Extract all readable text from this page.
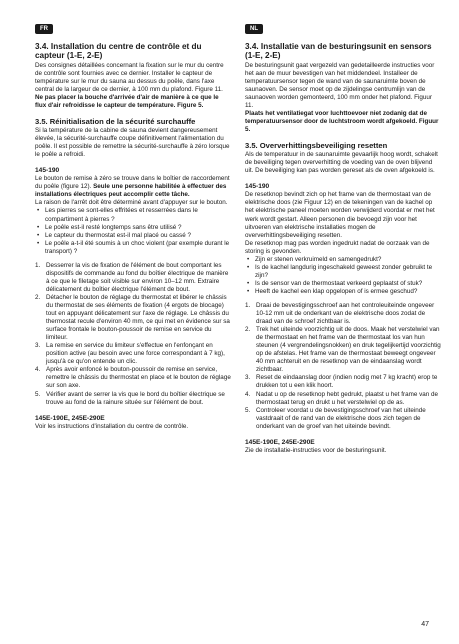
FR	NL
3.4. Installation du centre de contrôle et du capteur (1-E, 2-E)

Des consignes détaillées concernant la fixation sur le mur du centre de contrôle sont fournies avec ce dernier. Installer le capteur de température sur le mur du sauna au dessus du poêle, dans l'axe central de la largeur de ce dernier, à 100 mm du plafond. Figure 11.

Ne pas placer la bouche d'arrivée d'air de manière à ce que le flux d'air refroidisse le capteur de température. Figure 5.

3.5. Réinitialisation de la sécurité surchauffe

Si la température de la cabine de sauna devient dangereusement élevée, la sécurité-surchauffe coupe définitivement l'alimentation du poêle. Il est possible de remettre la sécurité-surchauffe à zéro lorsque le poêle a refroidi.

145-190

Le bouton de remise à zéro se trouve dans le boîtier de raccordement du poêle (figure 12). Seule une personne habilitée à effectuer des installations électriques peut accomplir cette tâche.

La raison de l'arrêt doit être déterminé avant d'appuyer sur le bouton.

• Les pierres se sont-elles effritées et resserrées dans le compartiment à pierres ?
• Le poêle est-il resté longtemps sans être utilisé ?
• Le capteur du thermostat est-il mal placé ou cassé ?
• Le poêle a-t-il été soumis à un choc violent (par exemple durant le transport) ?
1. Desserrer la vis de fixation de l'élément de bout comportant les dispositifs de commande au fond du boîtier électrique de manière à ce que le filetage soit visible sur environ 10–12 mm. Extraire délicatement du boîtier électrique l'élément de bout.
2. Détacher le bouton de réglage du thermostat et libérer le châssis du thermostat de ses éléments de fixation (4 ergots de blocage) tout en appuyant délicatement sur l'axe de réglage. Le châssis du thermostat recule d'environ 40 mm, ce qui met en évidence sur sa surface frontale le bouton-poussoir de remise en service du limiteur.
3. La remise en service du limiteur s'effectue en l'enfonçant en position active (au besoin avec une force correspondant à 7 kg), jusqu'à ce qu'on entende un clic.
4. Après avoir enfoncé le bouton-poussoir de remise en service, remettre le châssis du thermostat en place et le bouton de réglage sur son axe.
5. Vérifier avant de serrer la vis que le bord du boîtier électrique se trouve au fond de la rainure située sur l'élément de bout.
145E-190E, 245E-290E

Voir les instructions d'installation du centre de contrôle.

3.4. Installatie van de besturingsunit en sensors (1-E, 2-E)

De besturingsunit gaat vergezeld van gedetailleerde instructies voor het aan de muur bevestigen van het middendeel. Installeer de temperatuursensor tegen de wand van de saunaruimte boven de saunaoven. De sensor moet op de zijdelingse centrumlijn van de saunaoven worden gemonteerd, 100 mm onder het plafond. Figuur 11.

Plaats het ventilatiegat voor luchttoevoer niet zodanig dat de temperatuursensor door de luchtstroom wordt afgekoeld. Figuur 5.

3.5. Oververhittingsbeveiliging resetten

Als de temperatuur in de saunaruimte gevaarlijk hoog wordt, schakelt de beveiliging tegen oververhitting de voeding van de oven blijvend uit. De beveiliging kan pas worden gereset als de oven afgekoeld is.

145-190

De resetknop bevindt zich op het frame van de thermostaat van de elektrische doos (zie Figuur 12) en de tekeningen van de kachel op het elektrische paneel moeten worden verwijderd voordat er met het werk wordt gestart. Alleen personen die bevoegd zijn voor het uitvoeren van elektrische installaties mogen de oververhittingsbeveiliging resetten.

De resetknop mag pas worden ingedrukt nadat de oorzaak van de storing is gevonden.

• Zijn er stenen verkruimeld en samengedrukt?
• Is de kachel langdurig ingeschakeld geweest zonder gebruikt te zijn?
• Is de sensor van de thermostaat verkeerd geplaatst of stuk?
• Heeft de kachel een klap opgelopen of is ermee geschud?
1. Draai de bevestigingsschroef aan het controleuiteinde ongeveer 10-12 mm uit de onderkant van de elektrische doos zodat de draad van de schroef zichtbaar is.
2. Trek het uiteinde voorzichtig uit de doos. Maak het verstelwiel van de thermostaat en het frame van de thermostaat los van hun steunen (4 vergrendelingsnokken) en druk tegelijkertijd voorzichtig op de afstelas. Het frame van de thermostaat beweegt ongeveer 40 mm achteruit en de resetknop van de eindaanslag wordt zichtbaar.
3. Reset de eindaanslag door (indien nodig met 7 kg kracht) erop te drukken tot u een klik hoort.
4. Nadat u op de resetknop hebt gedrukt, plaatst u het frame van de thermostaat terug en drukt u het verstelwiel op de as.
5. Controleer voordat u de bevestigingsschroef van het uiteinde vastdraait of de rand van de elektrische doos zich tegen de onderkant van de groef van het uiteinde bevindt.
145E-190E, 245E-290E

Zie de installatie-instructies voor de besturingsunit.

47
